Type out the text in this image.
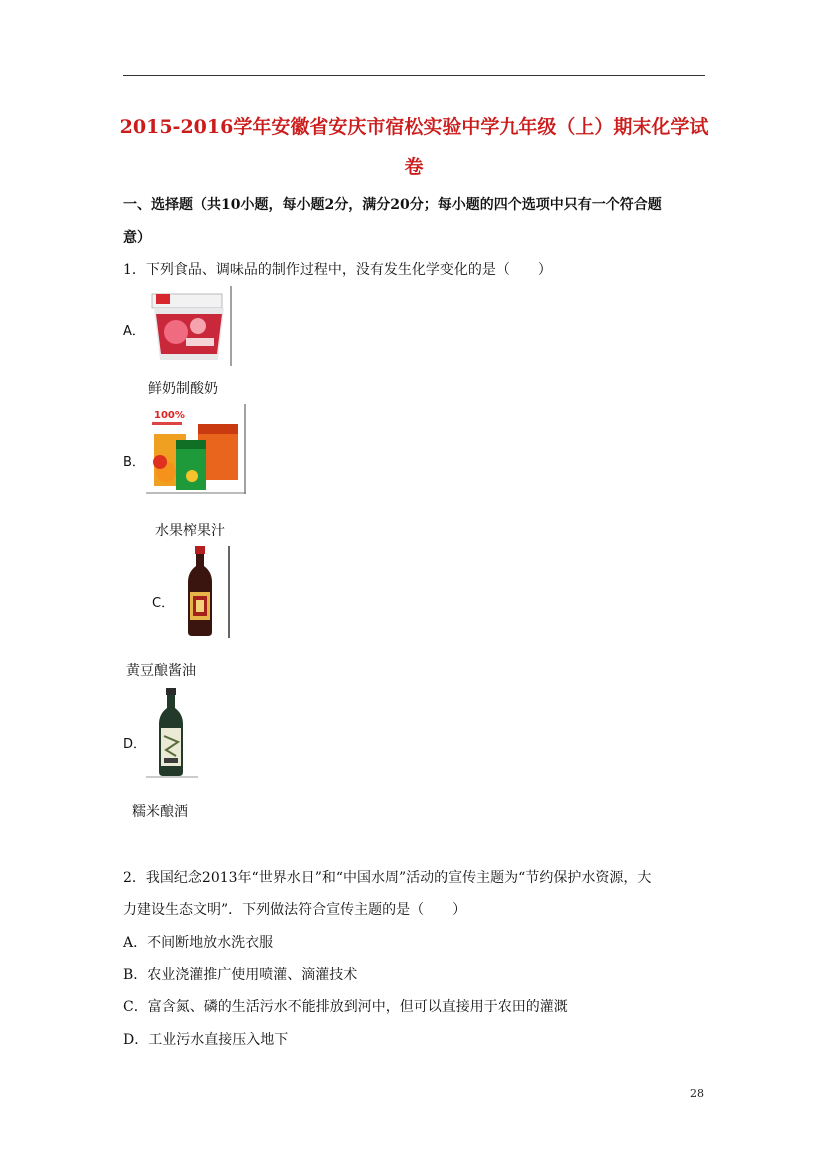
2015-2016学年安徽省安庆市宿松实验中学九年级（上）期末化学试
卷
一、选择题（共10小题，每小题2分，满分20分；每小题的四个选项中只有一个符合题
意）
1．下列食品、调味品的制作过程中，没有发生化学变化的是（　　）
A．
鲜奶制酸奶
B．
100%
水果榨果汁
C．
黄豆酿酱油
D．
糯米酿酒
2．我国纪念2013年“世界水日”和“中国水周”活动的宣传主题为“节约保护水资源，大
力建设生态文明”．下列做法符合宣传主题的是（　　）
A．不间断地放水洗衣服
B．农业浇灌推广使用喷灌、滴灌技术
C．富含氮、磷的生活污水不能排放到河中，但可以直接用于农田的灌溉
D．工业污水直接压入地下
28
